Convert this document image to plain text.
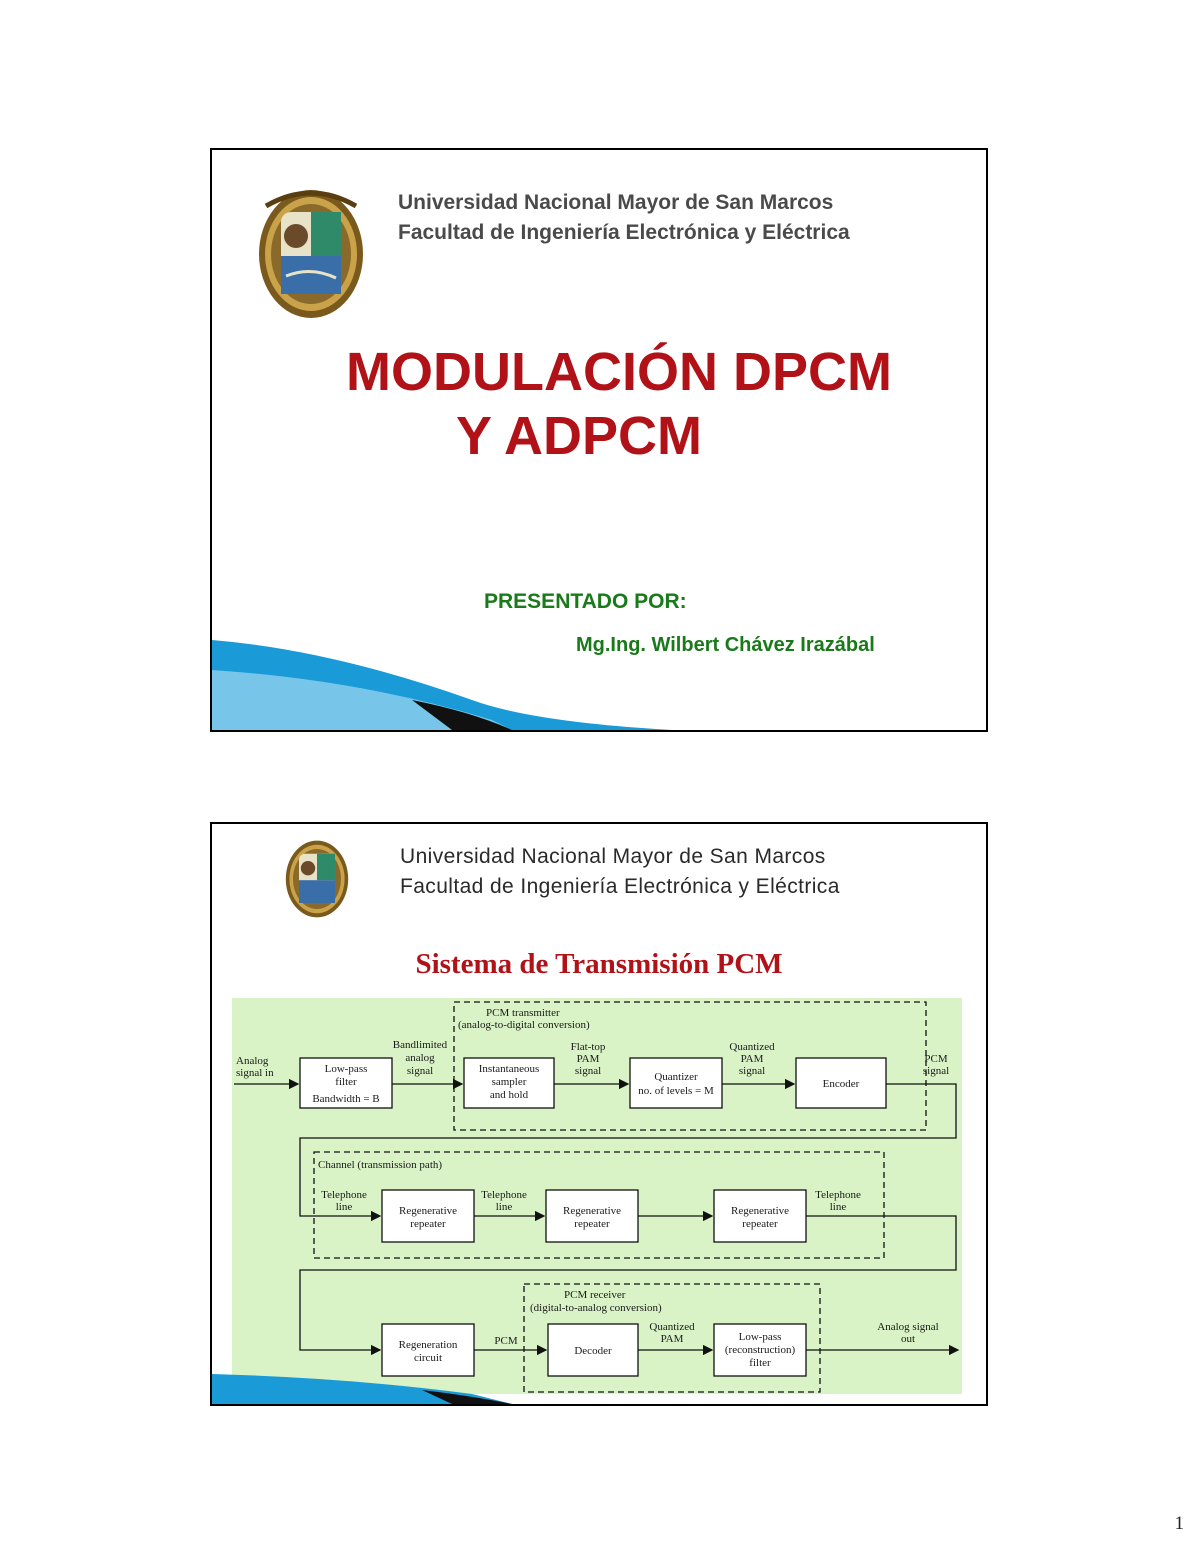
Universidad Nacional Mayor de San Marcos
Facultad de Ingeniería Electrónica y Eléctrica
MODULACIÓN DPCM
Y ADPCM
PRESENTADO POR:
Mg.Ing. Wilbert Chávez Irazábal
Universidad Nacional Mayor de San Marcos
Facultad de Ingeniería Electrónica y Eléctrica
Sistema de Transmisión PCM
PCM transmitter
(analog-to-digital conversion)
Channel (transmission path)
PCM receiver
(digital-to-analog conversion)
Analog
signal in	Low-pass
filter
Bandwidth = B
Bandlimited
analog
signal	Instantaneous
sampler
and hold
Flat-top
PAM
signal	Quantizer
no. of levels = M
Quantized
PAM
signal
Encoder
PCM
signal
Telephone
line	Regenerative
repeater
Telephone
line	Regenerative
repeater
Regenerative
repeater
Telephone
line
Regeneration
circuit
PCM
Decoder
Quantized
PAM	Low-pass
(reconstruction)
filter
Analog signal
out
1
